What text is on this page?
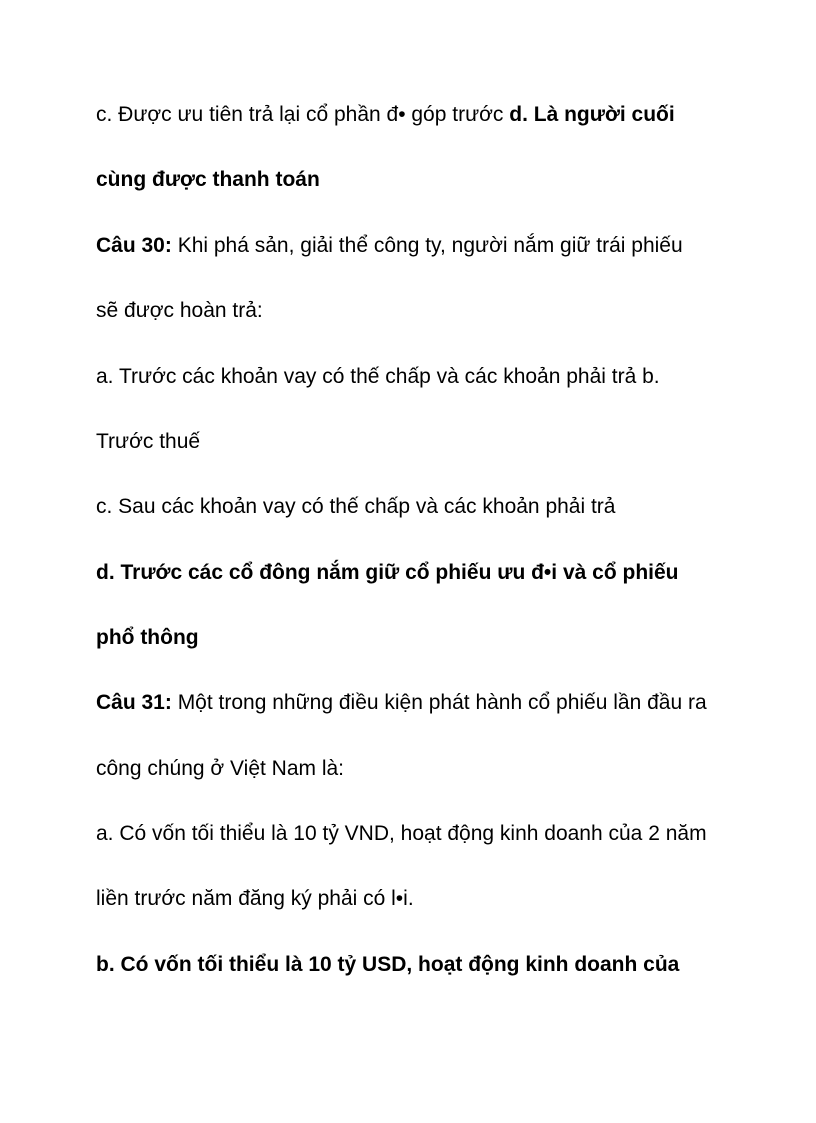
c. Được ưu tiên trả lại cổ phần đ• góp trước d. Là người cuối
cùng được thanh toán
Câu 30: Khi phá sản, giải thể công ty, người nắm giữ trái phiếu
sẽ được hoàn trả:
a. Trước các khoản vay có thế chấp và các khoản phải trả b.
Trước thuế
c. Sau các khoản vay có thế chấp và các khoản phải trả
d. Trước các cổ đông nắm giữ cổ phiếu ưu đ•i và cổ phiếu
phổ thông
Câu 31: Một trong những điều kiện phát hành cổ phiếu lần đầu ra
công chúng ở Việt Nam là:
a. Có vốn tối thiểu là 10 tỷ VND, hoạt động kinh doanh của 2 năm
liền trước năm đăng ký phải có l•i.
b. Có vốn tối thiểu là 10 tỷ USD, hoạt động kinh doanh của
